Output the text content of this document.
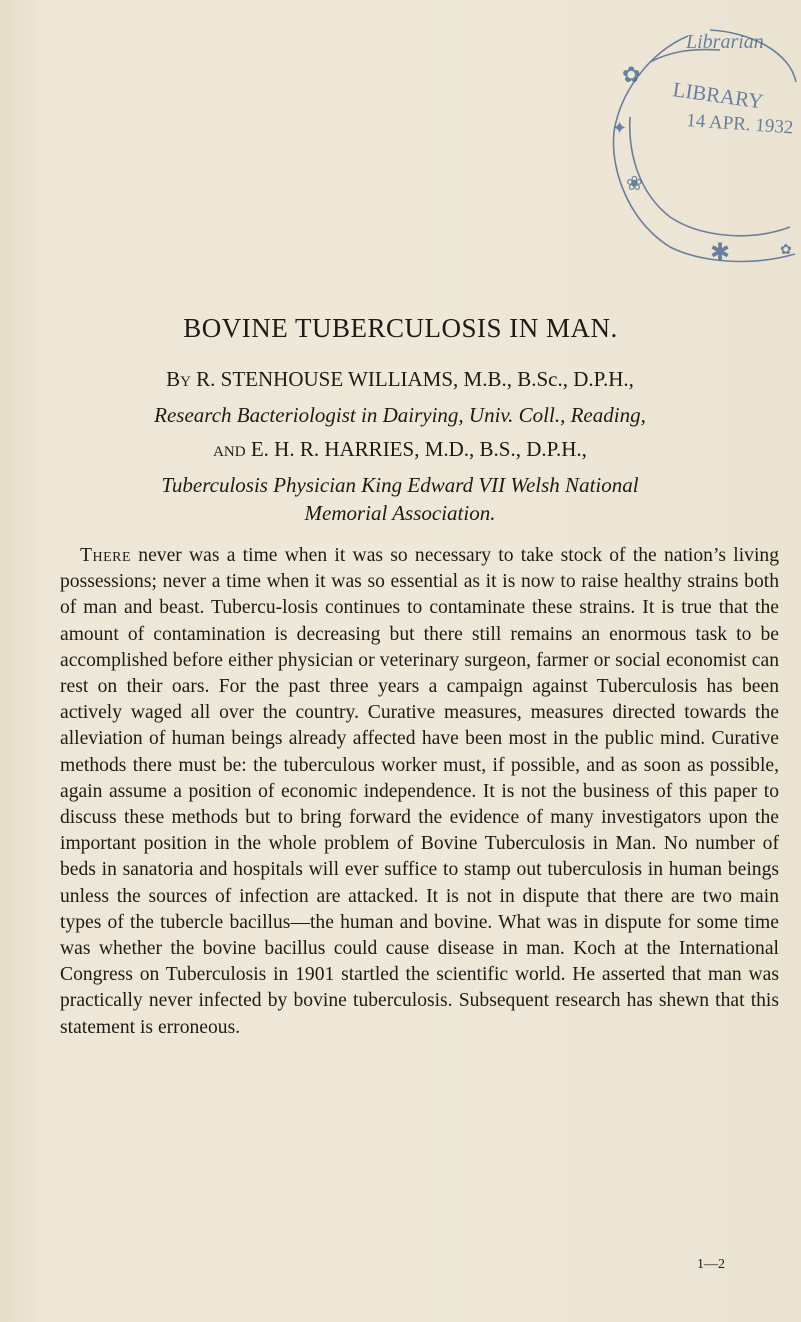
Librarian
LIBRARY
14 APR. 1932
✿
✦
❀
✱	✿
BOVINE TUBERCULOSIS IN MAN.
By R. STENHOUSE WILLIAMS, M.B., B.Sc., D.P.H.,
Research Bacteriologist in Dairying, Univ. Coll., Reading,
and E. H. R. HARRIES, M.D., B.S., D.P.H.,
Tuberculosis Physician King Edward VII Welsh National
Memorial Association.
There never was a time when it was so necessary to take stock of the nation’s living possessions; never a time when it was so essential as it is now to raise healthy strains both of man and beast. Tubercu-losis continues to contaminate these strains. It is true that the amount of contamination is decreasing but there still remains an enormous task to be accomplished before either physician or veterinary surgeon, farmer or social economist can rest on their oars. For the past three years a campaign against Tuberculosis has been actively waged all over the country. Curative measures, measures directed towards the alleviation of human beings already affected have been most in the public mind. Curative methods there must be: the tuberculous worker must, if possible, and as soon as possible, again assume a position of economic independence. It is not the business of this paper to discuss these methods but to bring forward the evidence of many investigators upon the important position in the whole problem of Bovine Tuberculosis in Man. No number of beds in sanatoria and hospitals will ever suffice to stamp out tuberculosis in human beings unless the sources of infection are attacked. It is not in dispute that there are two main types of the tubercle bacillus—the human and bovine. What was in dispute for some time was whether the bovine bacillus could cause disease in man. Koch at the International Congress on Tuberculosis in 1901 startled the scientific world. He asserted that man was practically never infected by bovine tuberculosis. Subsequent research has shewn that this statement is erroneous.
1—2
